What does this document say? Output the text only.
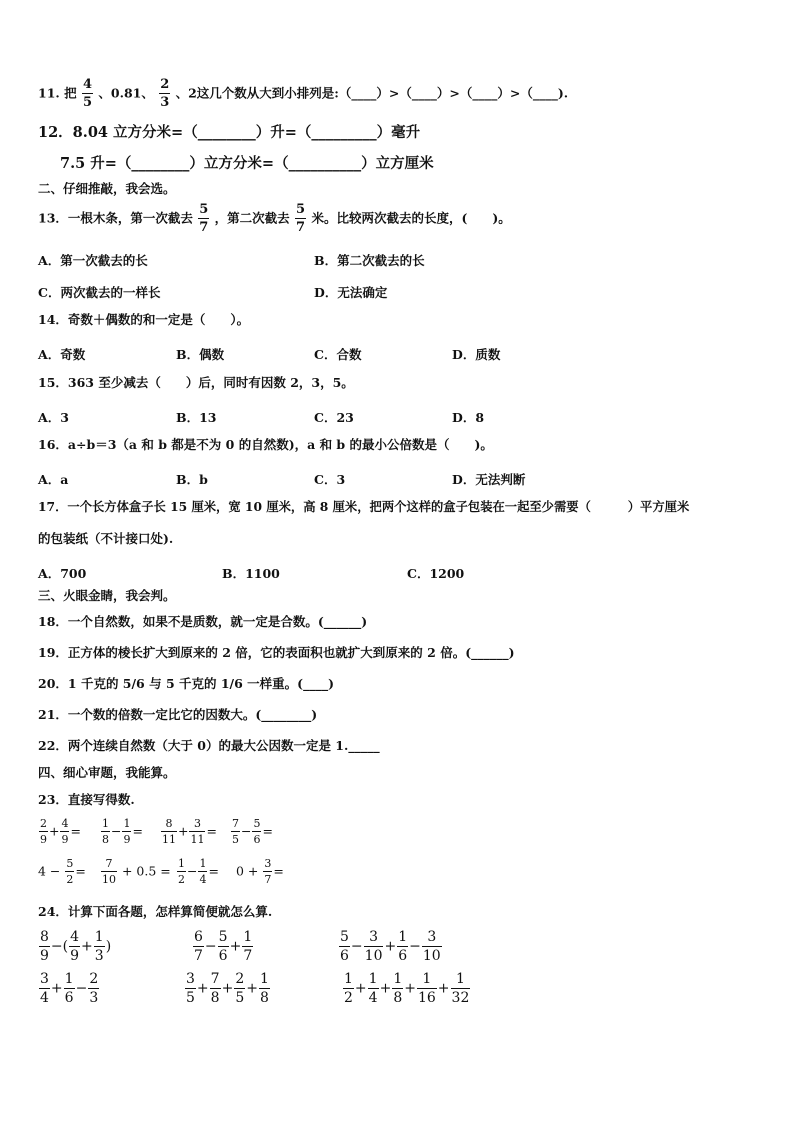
11. 把 $\frac{4}{5}$ 、0.81、 $\frac{2}{3}$ 、2这几个数从大到小排列是:（____）>（____）>（____）>（____).
12．8.04 立方分米=（________）升=（_________）毫升
7.5 升=（________）立方分米=（__________）立方厘米
二、仔细推敲，我会选。
13．一根木条，第一次截去 $\frac{5}{7}$ ，第二次截去 $\frac{5}{7}$ 米。比较两次截去的长度，(　　)。
A．第一次截去的长	B．第二次截去的长
C．两次截去的一样长	D．无法确定
14．奇数＋偶数的和一定是（　　）。
A．奇数	B．偶数	C．合数	D．质数
15．363 至少减去（　　）后，同时有因数 2，3，5。
A．3	B．13	C．23	D．8
16．a÷b＝3（a 和 b 都是不为 0 的自然数)，a 和 b 的最小公倍数是（　　)。
A．a	B．b	C．3	D．无法判断
17．一个长方体盒子长 15 厘米，宽 10 厘米，高 8 厘米，把两个这样的盒子包装在一起至少需要（　　　）平方厘米
的包装纸（不计接口处).
A．700	B．1100	C．1200
三、火眼金睛，我会判。
18．一个自然数，如果不是质数，就一定是合数。(______)
19．正方体的棱长扩大到原来的 2 倍，它的表面积也就扩大到原来的 2 倍。(______)
20．1 千克的 5/6 与 5 千克的 1/6 一样重。(____)
21．一个数的倍数一定比它的因数大。(________)
22．两个连续自然数（大于 0）的最大公因数一定是 1._____
四、细心审题，我能算。
23．直接写得数.
$\frac{2}{9} + \frac{4}{9} = \frac{1}{8} - \frac{1}{9} = \frac{8}{11} + \frac{3}{11} = \frac{7}{5} - \frac{5}{6}$ =
$4 - \frac{5}{2} = \frac{7}{10} + 0.5 = \frac{1}{2} - \frac{1}{4} = 0 + \frac{3}{7}$ =
24．计算下面各题，怎样算简便就怎么算.
$\frac{8}{9}$ −( $\frac{4}{9} + \frac{1}{3}$ )	$\frac{6}{7} - \frac{5}{6} + \frac{1}{7}$	$\frac{5}{6} - \frac{3}{10} + \frac{1}{6} - \frac{3}{10}$
$\frac{3}{4} + \frac{1}{6} - \frac{2}{3}$	$\frac{3}{5} + \frac{7}{8} + \frac{2}{5} + \frac{1}{8}$	$\frac{1}{2} + \frac{1}{4} + \frac{1}{8} + \frac{1}{16} + \frac{1}{32}$
